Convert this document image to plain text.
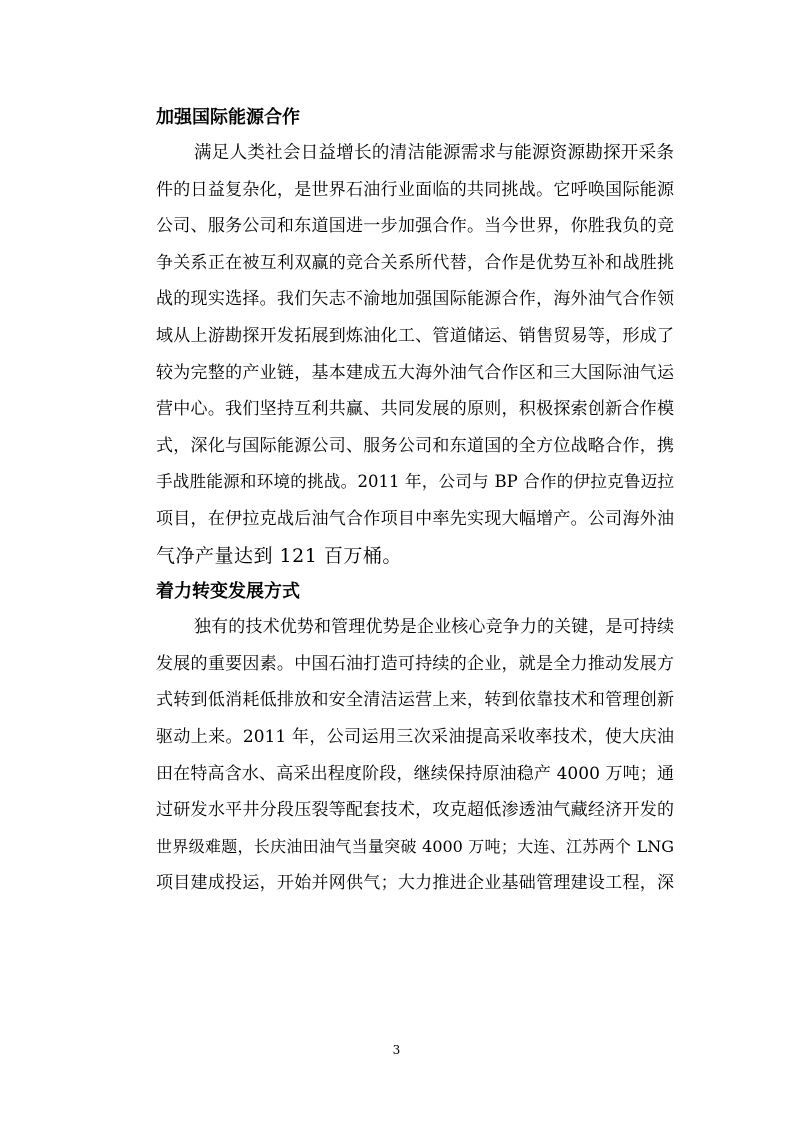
加强国际能源合作
满足人类社会日益增长的清洁能源需求与能源资源勘探开采条
件的日益复杂化，是世界石油行业面临的共同挑战。它呼唤国际能源
公司、服务公司和东道国进一步加强合作。当今世界，你胜我负的竞
争关系正在被互利双赢的竞合关系所代替，合作是优势互补和战胜挑
战的现实选择。我们矢志不渝地加强国际能源合作，海外油气合作领
域从上游勘探开发拓展到炼油化工、管道储运、销售贸易等，形成了
较为完整的产业链，基本建成五大海外油气合作区和三大国际油气运
营中心。我们坚持互利共赢、共同发展的原则，积极探索创新合作模
式，深化与国际能源公司、服务公司和东道国的全方位战略合作，携
手战胜能源和环境的挑战。2011 年，公司与 BP 合作的伊拉克鲁迈拉
项目，在伊拉克战后油气合作项目中率先实现大幅增产。公司海外油
气净产量达到 121 百万桶。
着力转变发展方式
独有的技术优势和管理优势是企业核心竞争力的关键，是可持续
发展的重要因素。中国石油打造可持续的企业，就是全力推动发展方
式转到低消耗低排放和安全清洁运营上来，转到依靠技术和管理创新
驱动上来。2011 年，公司运用三次采油提高采收率技术，使大庆油
田在特高含水、高采出程度阶段，继续保持原油稳产 4000 万吨；通
过研发水平井分段压裂等配套技术，攻克超低渗透油气藏经济开发的
世界级难题，长庆油田油气当量突破 4000 万吨；大连、江苏两个 LNG
项目建成投运，开始并网供气；大力推进企业基础管理建设工程，深
3
